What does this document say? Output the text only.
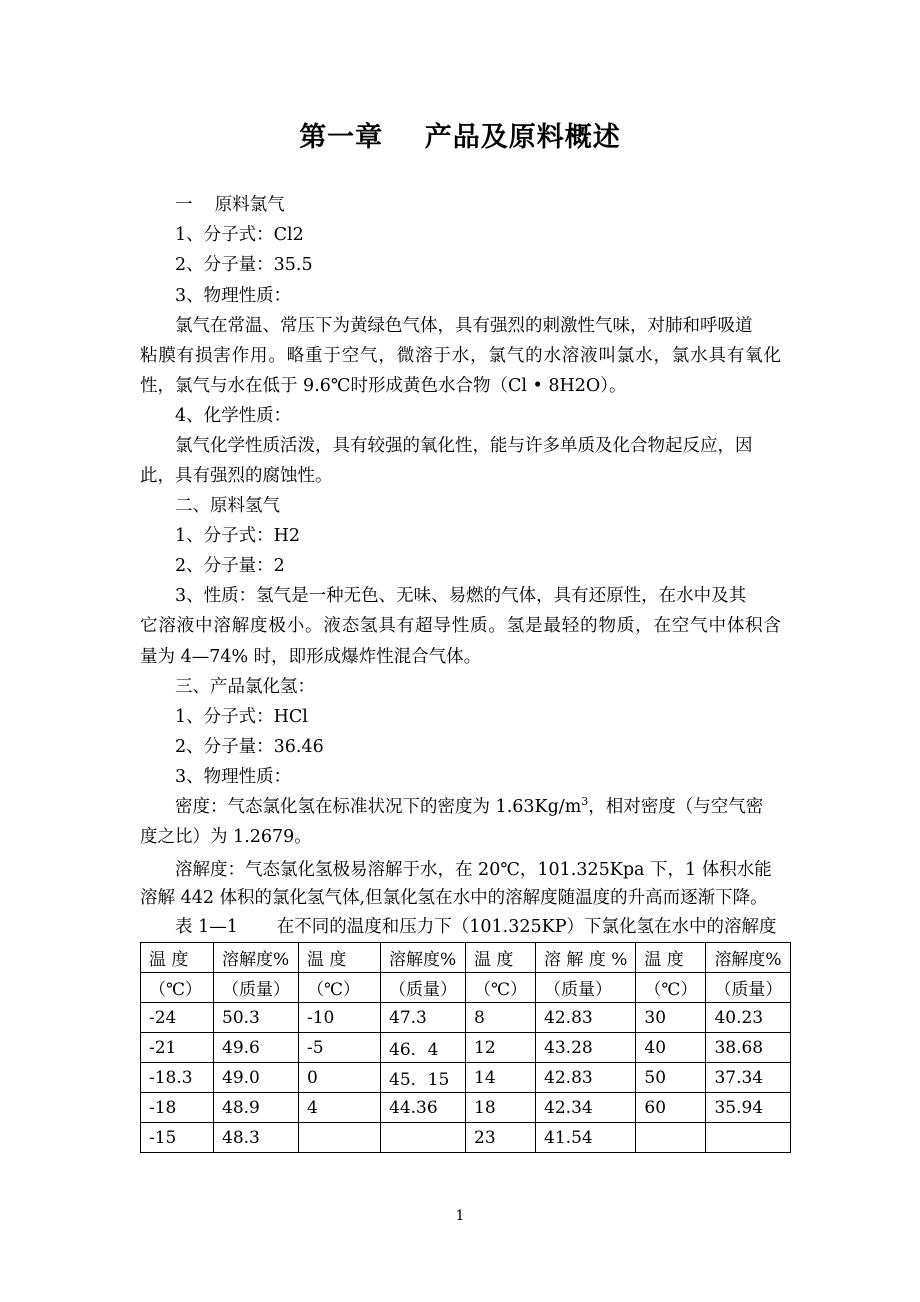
第一章    产品及原料概述
一    原料氯气
1、分子式：Cl2
2、分子量：35.5
3、物理性质：
氯气在常温、常压下为黄绿色气体，具有强烈的刺激性气味，对肺和呼吸道
粘膜有损害作用。略重于空气，微溶于水，氯气的水溶液叫氯水，氯水具有氧化
性，氯气与水在低于 9.6℃时形成黄色水合物（Cl • 8H2O）。
4、化学性质：
氯气化学性质活泼，具有较强的氧化性，能与许多单质及化合物起反应，因
此，具有强烈的腐蚀性。
二、原料氢气
1、分子式：H2
2、分子量：2
3、性质：氢气是一种无色、无味、易燃的气体，具有还原性，在水中及其
它溶液中溶解度极小。液态氢具有超导性质。氢是最轻的物质，在空气中体积含
量为 4—74% 时，即形成爆炸性混合气体。
三、产品氯化氢：
1、分子式：HCl
2、分子量：36.46
3、物理性质：
密度：气态氯化氢在标准状况下的密度为 $1.63Kg/m^3$，相对密度（与空气密
度之比）为 1.2679。
溶解度：气态氯化氢极易溶解于水，在 20℃，101.325Kpa 下，1 体积水能
溶解 442 体积的氯化氢气体,但氯化氢在水中的溶解度随温度的升高而逐渐下降。
表 1—1       在不同的温度和压力下（101.325KP）下氯化氢在水中的溶解度
温 度	溶解度%	温 度	溶解度%	温 度	溶 解 度 %	温 度	溶解度%
（℃）	（质量）	（℃）	（质量）	（℃）	（质量）	（℃）	（质量）
-24	50.3	-10	47.3	8	42.83	30	40.23
-21	49.6	-5	46．4	12	43.28	40	38.68
-18.3	49.0	0	45．15	14	42.83	50	37.34
-18	48.9	4	44.36	18	42.34	60	35.94
-15	48.3			23	41.54		
1
